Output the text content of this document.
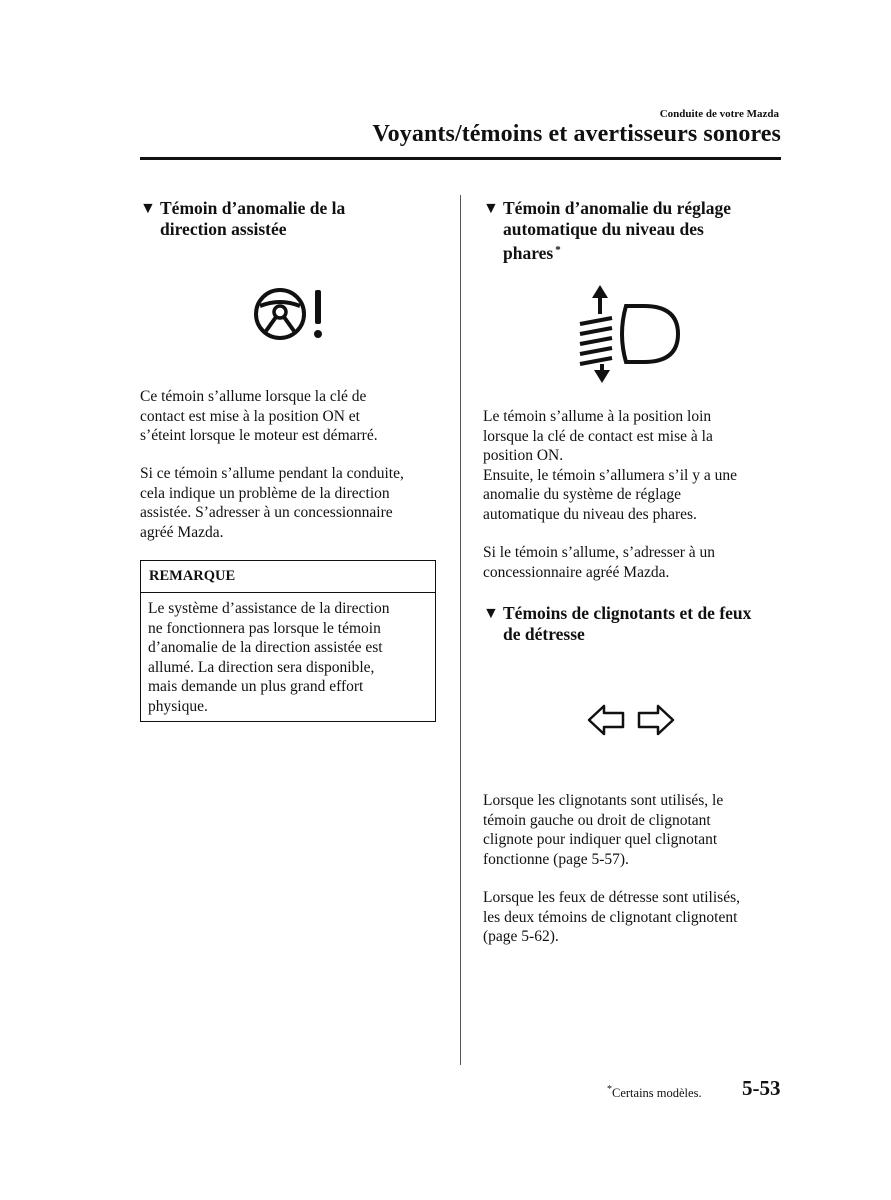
Conduite de votre Mazda
Voyants/témoins et avertisseurs sonores
▼ Témoin d’anomalie de la
direction assistée
Ce témoin s’allume lorsque la clé de
contact est mise à la position ON et
s’éteint lorsque le moteur est démarré.
Si ce témoin s’allume pendant la conduite,
cela indique un problème de la direction
assistée. S’adresser à un concessionnaire
agréé Mazda.
REMARQUE
Le système d’assistance de la direction
ne fonctionnera pas lorsque le témoin
d’anomalie de la direction assistée est
allumé. La direction sera disponible,
mais demande un plus grand effort
physique.
▼ Témoin d’anomalie du réglage
automatique du niveau des
phares *
Le témoin s’allume à la position loin
lorsque la clé de contact est mise à la
position ON.
Ensuite, le témoin s’allumera s’il y a une
anomalie du système de réglage
automatique du niveau des phares.
Si le témoin s’allume, s’adresser à un
concessionnaire agréé Mazda.
▼ Témoins de clignotants et de feux
de détresse
Lorsque les clignotants sont utilisés, le
témoin gauche ou droit de clignotant
clignote pour indiquer quel clignotant
fonctionne (page 5-57).
Lorsque les feux de détresse sont utilisés,
les deux témoins de clignotant clignotent
(page 5-62).
*Certains modèles. 5-53
